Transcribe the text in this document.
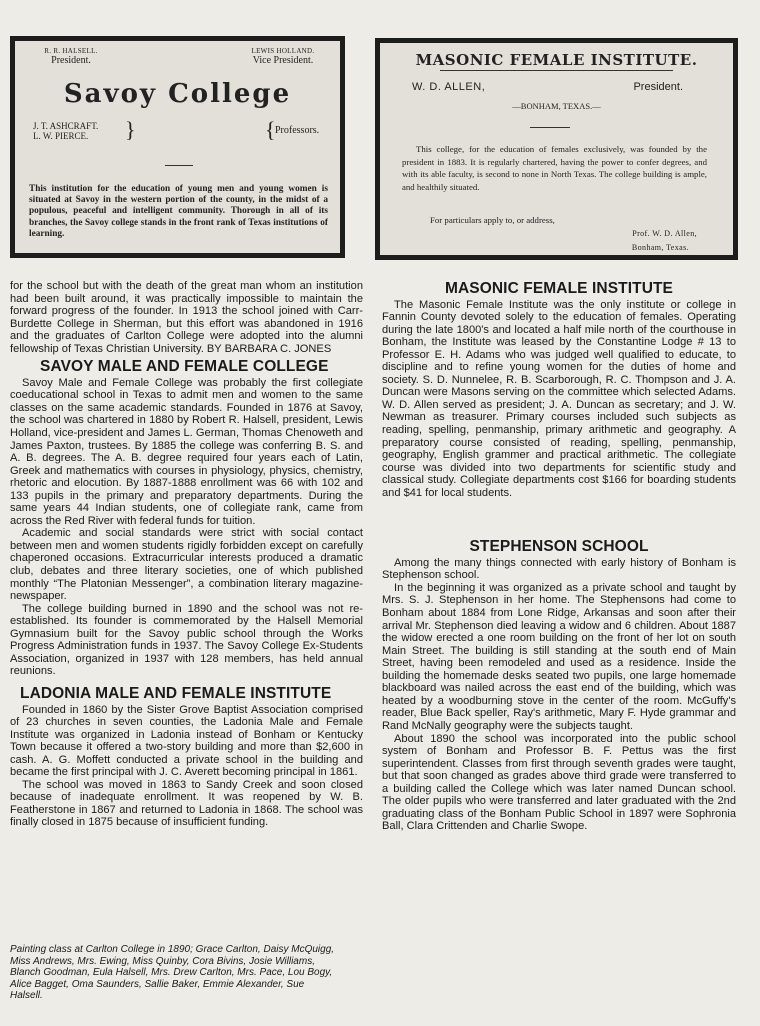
R. R. HALSELL.
President.
LEWIS HOLLAND.
Vice President.
Savoy College
J. T. ASHCRAFT.
L. W. PIERCE.	}	{ Professors.

This institution for the education of young men and young women is situated at Savoy in the western portion of the county, in the midst of a populous, peaceful and intelligent community. Thorough in all of its branches, the Savoy college stands in the front rank of Texas institutions of learning.

MASONIC FEMALE INSTITUTE.
W. D. ALLEN,	President.
—BONHAM, TEXAS.—

This college, for the education of females exclusively, was founded by the president in 1883. It is regularly chartered, having the power to confer degrees, and with its able faculty, is second to none in North Texas. The college building is ample, and healthily situated.

For particulars apply to, or address,

Prof. W. D. Allen,

Bonham, Texas.

for the school but with the death of the great man whom an institution had been built around, it was practically impossible to maintain the forward progress of the founder. In 1913 the school joined with Carr-Burdette College in Sherman, but this effort was abandoned in 1916 and the graduates of Carlton College were adopted into the alumni fellowship of Texas Christian University. BY BARBARA C. JONES

SAVOY MALE AND FEMALE COLLEGE

Savoy Male and Female College was probably the first collegiate coeducational school in Texas to admit men and women to the same classes on the same academic standards. Founded in 1876 at Savoy, the school was chartered in 1880 by Robert R. Halsell, president, Lewis Holland, vice-president and James L. German, Thomas Chenoweth and James Paxton, trustees. By 1885 the college was conferring B. S. and A. B. degrees. The A. B. degree required four years each of Latin, Greek and mathematics with courses in physiology, physics, chemistry, rhetoric and elocution. By 1887-1888 enrollment was 66 with 102 and 133 pupils in the primary and preparatory departments. During the same years 44 Indian students, one of collegiate rank, came from across the Red River with federal funds for tuition.

Academic and social standards were strict with social contact between men and women students rigidly forbidden except on carefully chaperoned occasions. Extracurricular interests produced a dramatic club, debates and three literary societies, one of which published monthly “The Platonian Messenger”, a combination literary magazine-newspaper.

The college building burned in 1890 and the school was not re-established. Its founder is commemorated by the Halsell Memorial Gymnasium built for the Savoy public school through the Works Progress Administration funds in 1937. The Savoy College Ex-Students Association, organized in 1937 with 128 members, has held annual reunions.

LADONIA MALE AND FEMALE INSTITUTE

Founded in 1860 by the Sister Grove Baptist Association comprised of 23 churches in seven counties, the Ladonia Male and Female Institute was organized in Ladonia instead of Bonham or Kentucky Town because it offered a two-story building and more than $2,600 in cash. A. G. Moffett conducted a private school in the building and became the first principal with J. C. Averett becoming principal in 1861.

The school was moved in 1863 to Sandy Creek and soon closed because of inadequate enrollment. It was reopened by W. B. Featherstone in 1867 and returned to Ladonia in 1868. The school was finally closed in 1875 because of insufficient funding.

Painting class at Carlton College in 1890; Grace Carlton, Daisy McQuigg, Miss Andrews, Mrs. Ewing, Miss Quinby, Cora Bivins, Josie Williams, Blanch Goodman, Eula Halsell, Mrs. Drew Carlton, Mrs. Pace, Lou Bogy, Alice Bagget, Oma Saunders, Sallie Baker, Emmie Alexander, Sue Halsell.

MASONIC FEMALE INSTITUTE

The Masonic Female Institute was the only institute or college in Fannin County devoted solely to the education of females. Operating during the late 1800's and located a half mile north of the courthouse in Bonham, the Institute was leased by the Constantine Lodge # 13 to Professor E. H. Adams who was judged well qualified to educate, to discipline and to refine young women for the duties of home and society. S. D. Nunnelee, R. B. Scarborough, R. C. Thompson and J. A. Duncan were Masons serving on the committee which selected Adams. W. D. Allen served as president; J. A. Duncan as secretary; and J. W. Newman as treasurer. Primary courses included such subjects as reading, spelling, penmanship, primary arithmetic and geography. A preparatory course consisted of reading, spelling, penmanship, geography, English grammer and practical arithmetic. The collegiate course was divided into two departments for scientific study and classical study. Collegiate departments cost $166 for boarding students and $41 for local students.

STEPHENSON SCHOOL

Among the many things connected with early history of Bonham is Stephenson school.

In the beginning it was organized as a private school and taught by Mrs. S. J. Stephenson in her home. The Stephensons had come to Bonham about 1884 from Lone Ridge, Arkansas and soon after their arrival Mr. Stephenson died leaving a widow and 6 children. About 1887 the widow erected a one room building on the front of her lot on south Main Street. The building is still standing at the south end of Main Street, having been remodeled and used as a residence. Inside the building the homemade desks seated two pupils, one large homemade blackboard was nailed across the east end of the building, which was heated by a woodburning stove in the center of the room. McGuffy's reader, Blue Back speller, Ray's arithmetic, Mary F. Hyde grammar and Rand McNally geography were the subjects taught.

About 1890 the school was incorporated into the public school system of Bonham and Professor B. F. Pettus was the first superintendent. Classes from first through seventh grades were taught, but that soon changed as grades above third grade were transferred to a building called the College which was later named Duncan school. The older pupils who were transferred and later graduated with the 2nd graduating class of the Bonham Public School in 1897 were Sophronia Ball, Clara Crittenden and Charlie Swope.
